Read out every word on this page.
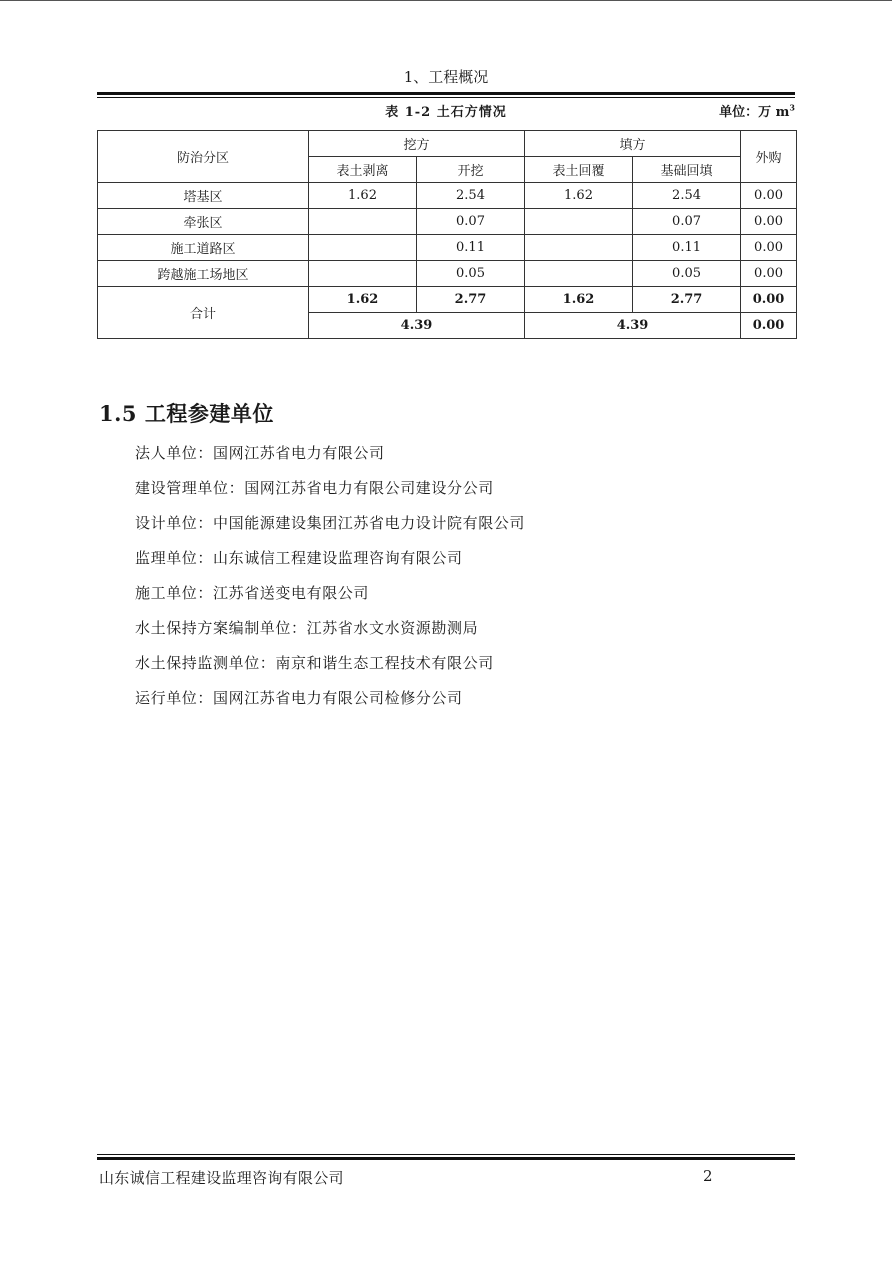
1、工程概况
表 1-2 土石方情况	单位：万 $m^3$
防治分区	挖方		填方		外购
	表土剥离	开挖	表土回覆	基础回填	
塔基区	1.62	2.54	1.62	2.54	0.00
牵张区		0.07		0.07	0.00
施工道路区		0.11		0.11	0.00
跨越施工场地区		0.05		0.05	0.00
合计	1.62	2.77	1.62	2.77	0.00
	4.39		4.39		0.00
1.5 工程参建单位
法人单位：国网江苏省电力有限公司
建设管理单位：国网江苏省电力有限公司建设分公司
设计单位：中国能源建设集团江苏省电力设计院有限公司
监理单位：山东诚信工程建设监理咨询有限公司
施工单位：江苏省送变电有限公司
水土保持方案编制单位：江苏省水文水资源勘测局
水土保持监测单位：南京和谐生态工程技术有限公司
运行单位：国网江苏省电力有限公司检修分公司
山东诚信工程建设监理咨询有限公司	2
